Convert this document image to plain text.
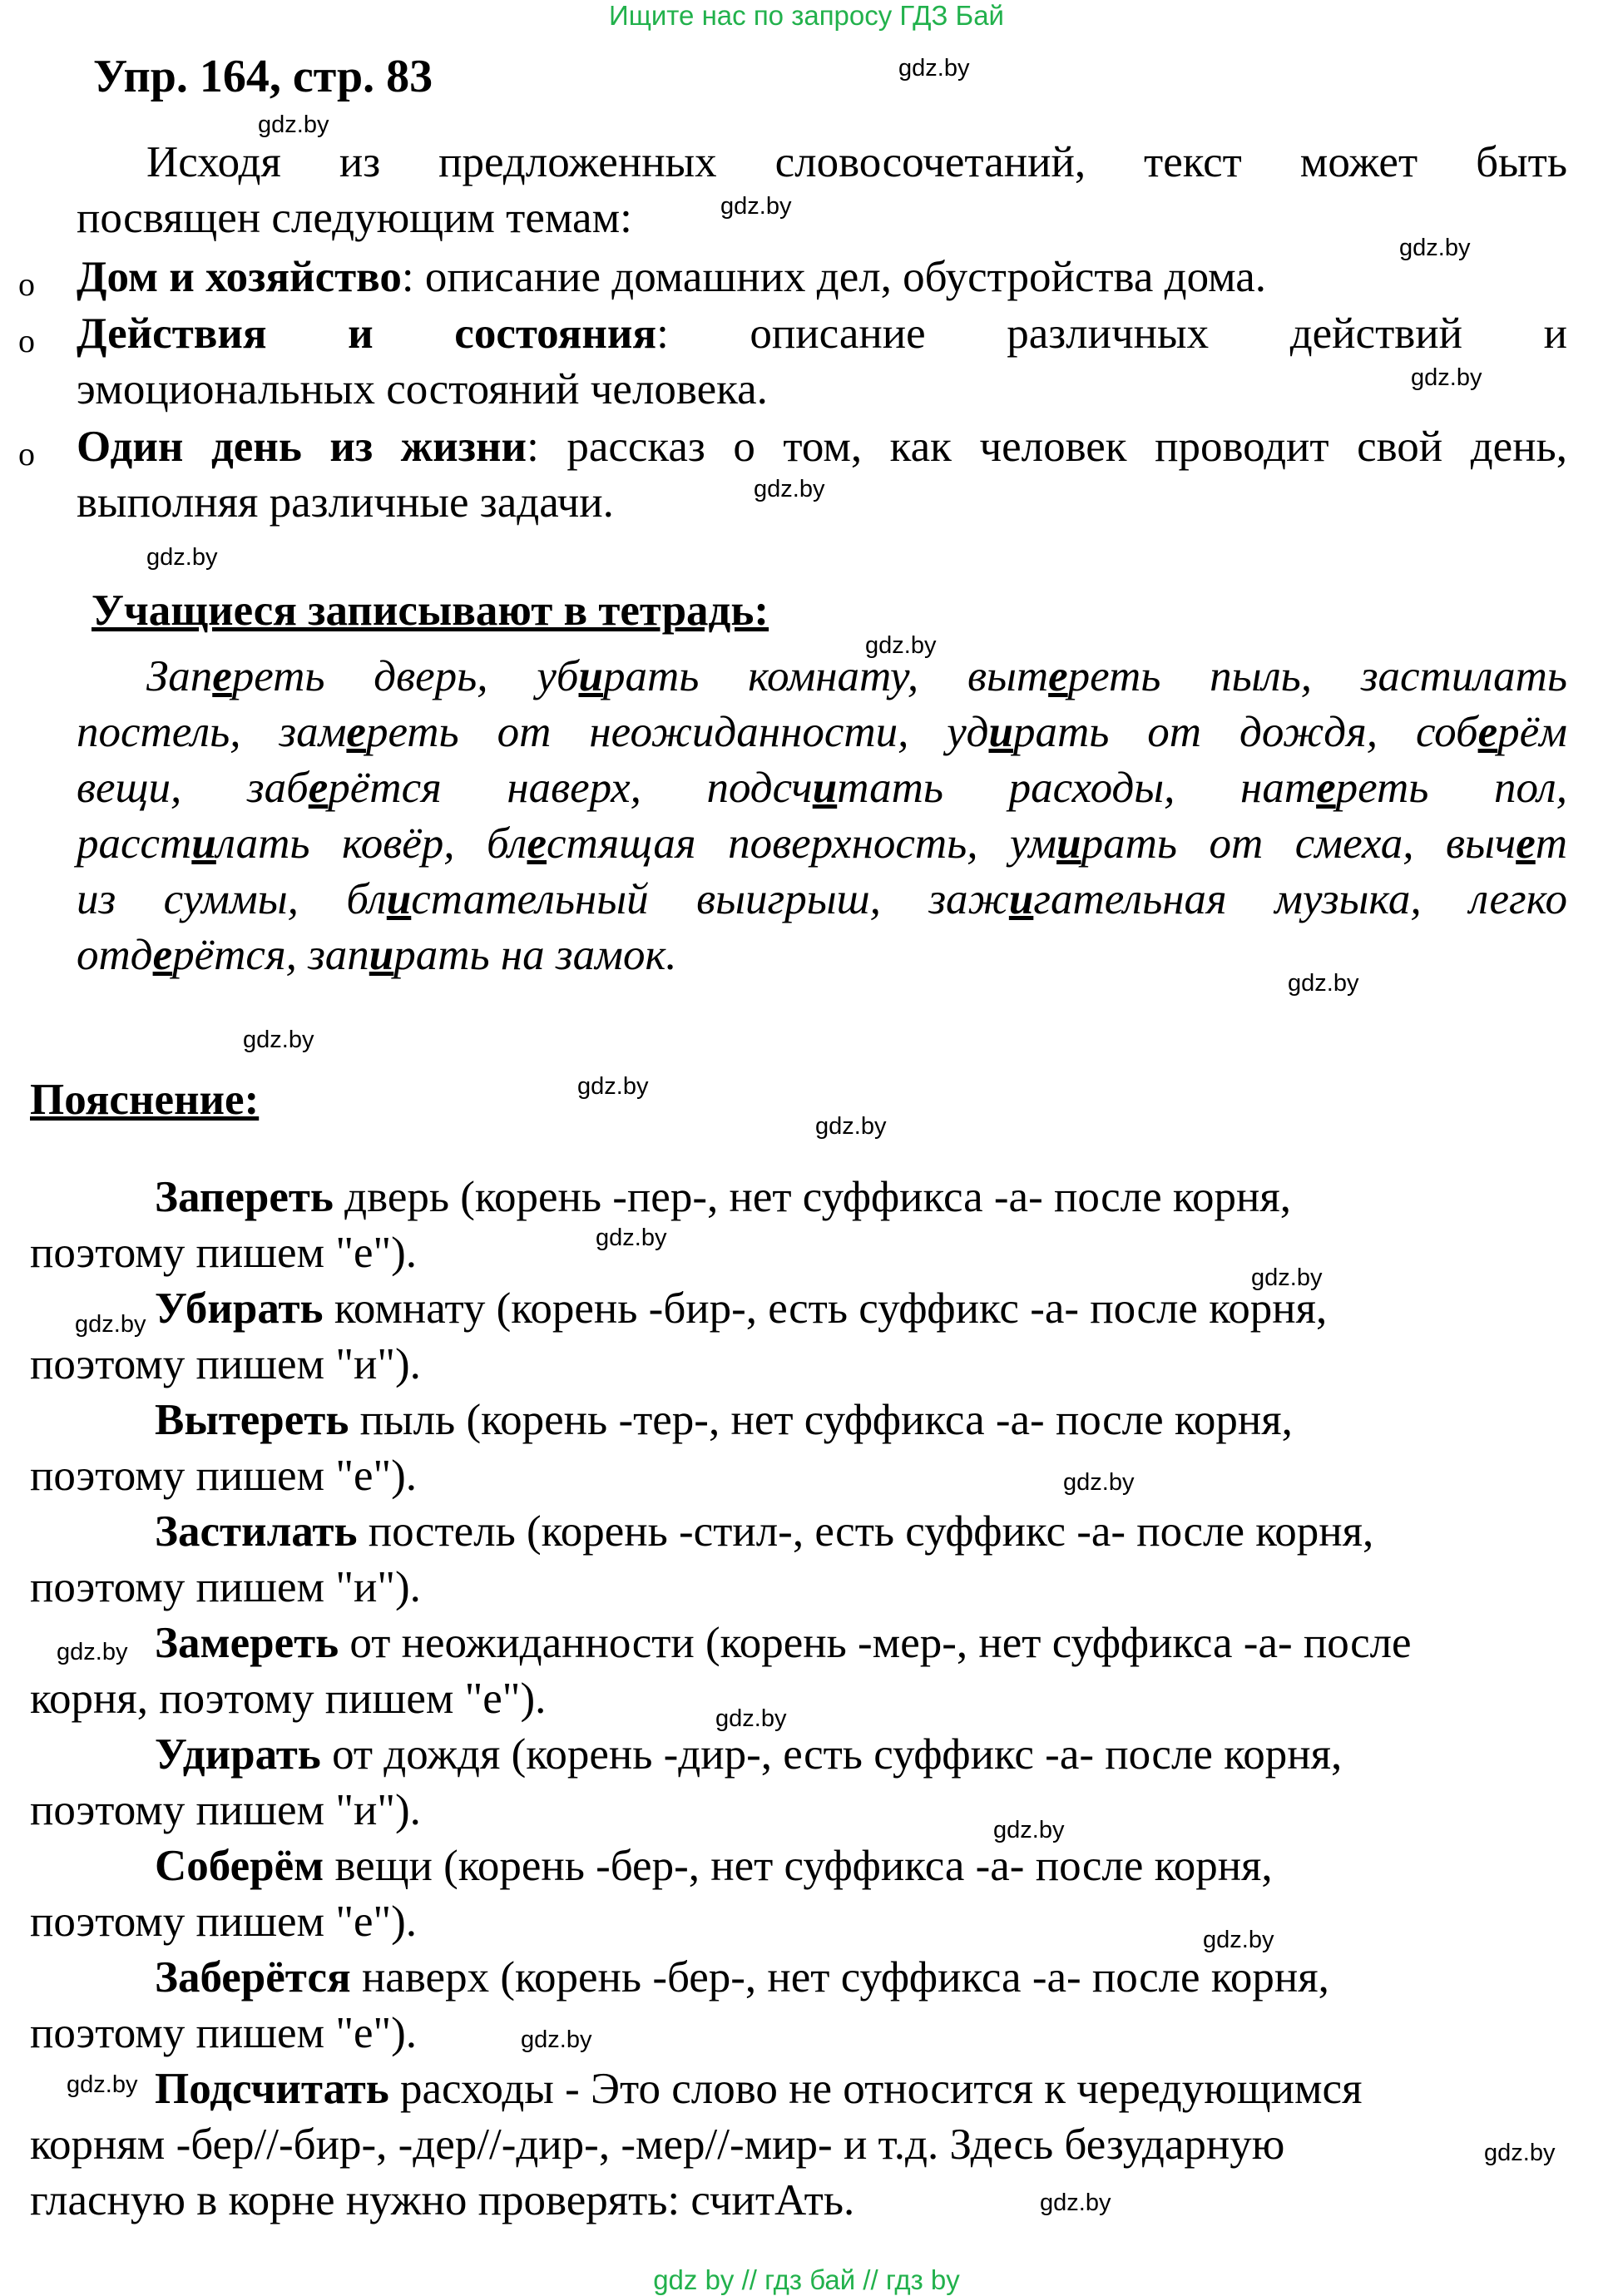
Ищите нас по запросу ГДЗ Бай
gdz by // гдз бай // гдз by
gdz.by
gdz.by
gdz.by
gdz.by
gdz.by
gdz.by
gdz.by
gdz.by
gdz.by
gdz.by
gdz.by
gdz.by
gdz.by
gdz.by
gdz.by
gdz.by
gdz.by
gdz.by
gdz.by
gdz.by
gdz.by
gdz.by
gdz.by
gdz.by
Упр. 164, стр. 83
Исходя из предложенных словосочетаний, текст может быть
посвящен следующим темам:
o Дом и хозяйство: описание домашних дел, обустройства дома.
o Действия и состояния: описание различных действий и
эмоциональных состояний человека.
o Один день из жизни: рассказ о том, как человек проводит свой день,
выполняя различные задачи.
Учащиеся записывают в тетрадь:
Запереть дверь, убирать комнату, вытереть пыль, застилать
постель, замереть от неожиданности, удирать от дождя, соберём
вещи, заберётся наверх, подсчитать расходы, натереть пол,
расстилать ковёр, блестящая поверхность, умирать от смеха, вычет
из суммы, блистательный выигрыш, зажигательная музыка, легко
отдерётся, запирать на замок.
Пояснение:
Запереть дверь (корень -пер-, нет суффикса -а- после корня,
поэтому пишем "е").
Убирать комнату (корень -бир-, есть суффикс -а- после корня,
поэтому пишем "и").
Вытереть пыль (корень -тер-, нет суффикса -а- после корня,
поэтому пишем "е").
Застилать постель (корень -стил-, есть суффикс -а- после корня,
поэтому пишем "и").
Замереть от неожиданности (корень -мер-, нет суффикса -а- после
корня, поэтому пишем "е").
Удирать от дождя (корень -дир-, есть суффикс -а- после корня,
поэтому пишем "и").
Соберём вещи (корень -бер-, нет суффикса -а- после корня,
поэтому пишем "е").
Заберётся наверх (корень -бер-, нет суффикса -а- после корня,
поэтому пишем "е").
Подсчитать расходы - Это слово не относится к чередующимся
корням -бер//-бир-, -дер//-дир-, -мер//-мир- и т.д. Здесь безударную
гласную в корне нужно проверять: считАть.
